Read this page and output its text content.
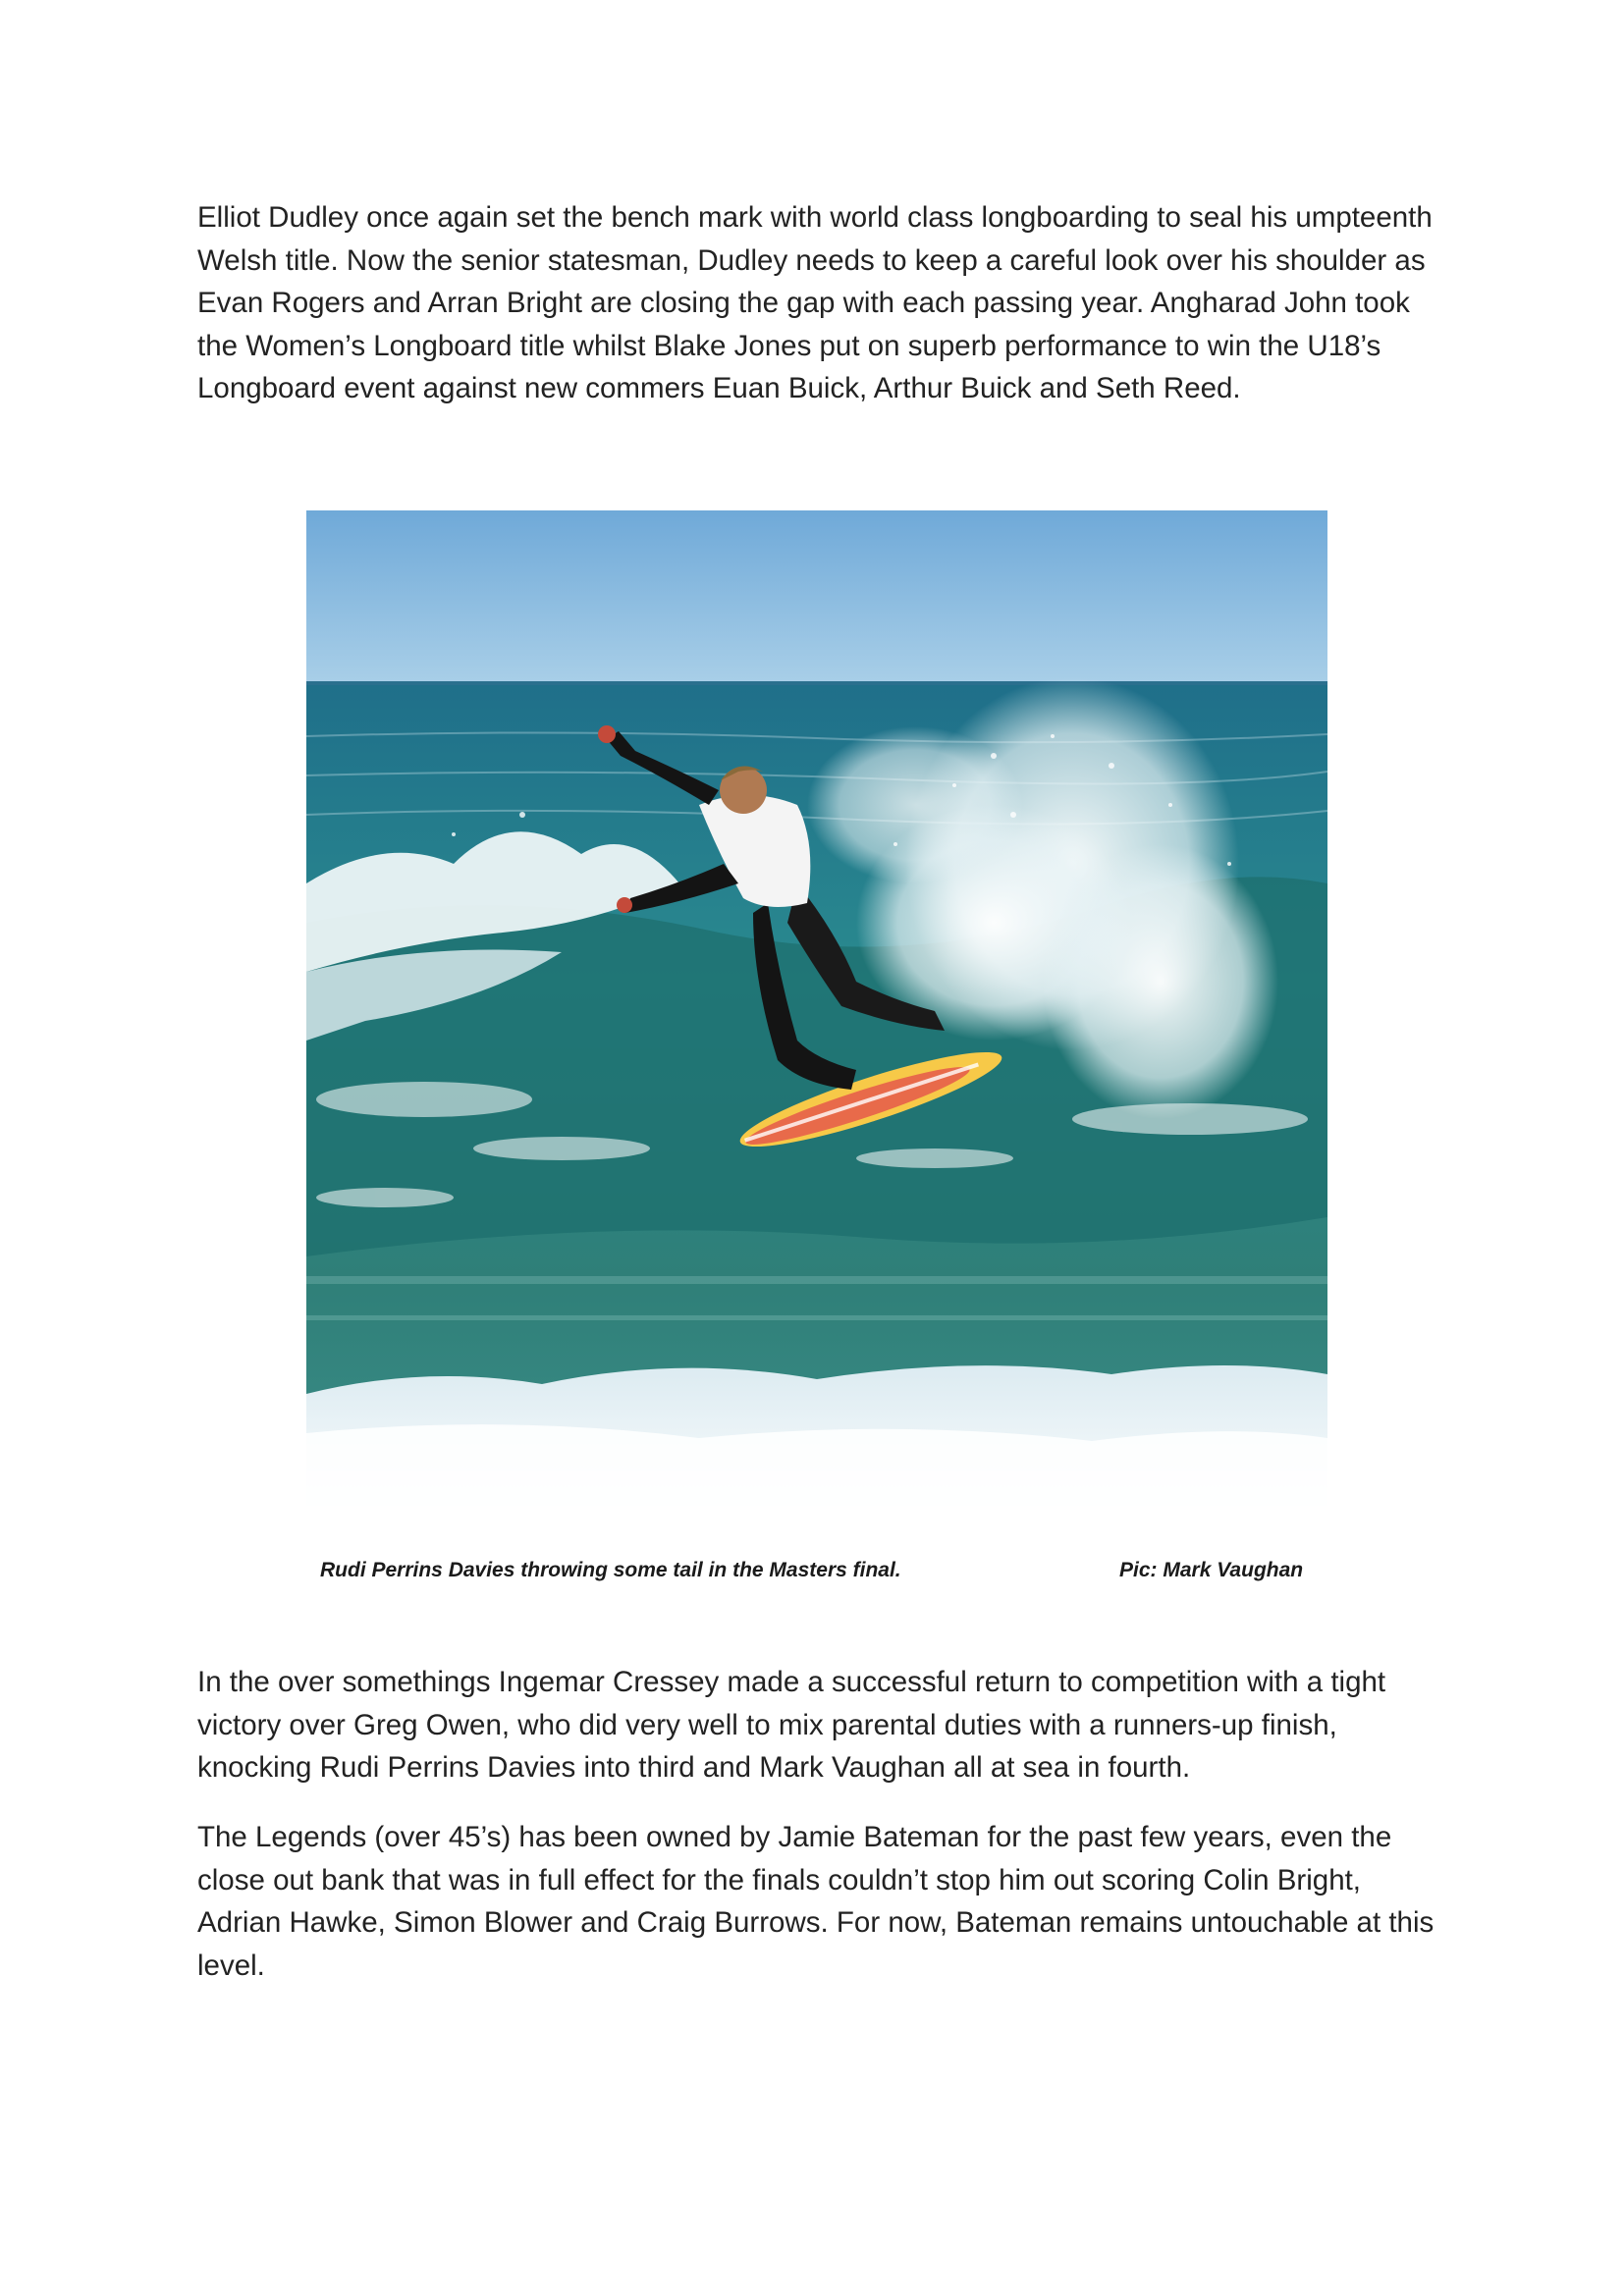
Elliot Dudley once again set the bench mark with world class longboarding to seal his umpteenth Welsh title. Now the senior statesman, Dudley needs to keep a careful look over his shoulder as Evan Rogers and Arran Bright are closing the gap with each passing year. Angharad John took the Women’s Longboard title whilst Blake Jones put on superb performance to win the U18’s Longboard event against new commers Euan Buick, Arthur Buick and Seth Reed.

Rudi Perrins Davies throwing some tail in the Masters final.	Pic: Mark Vaughan

In the over somethings Ingemar Cressey made a successful return to competition with a tight victory over Greg Owen, who did very well to mix parental duties with a runners-up finish, knocking Rudi Perrins Davies into third and Mark Vaughan all at sea in fourth.

The Legends (over 45’s) has been owned by Jamie Bateman for the past few years, even the close out bank that was in full effect for the finals couldn’t stop him out scoring Colin Bright, Adrian Hawke, Simon Blower and Craig Burrows. For now, Bateman remains untouchable at this level.
